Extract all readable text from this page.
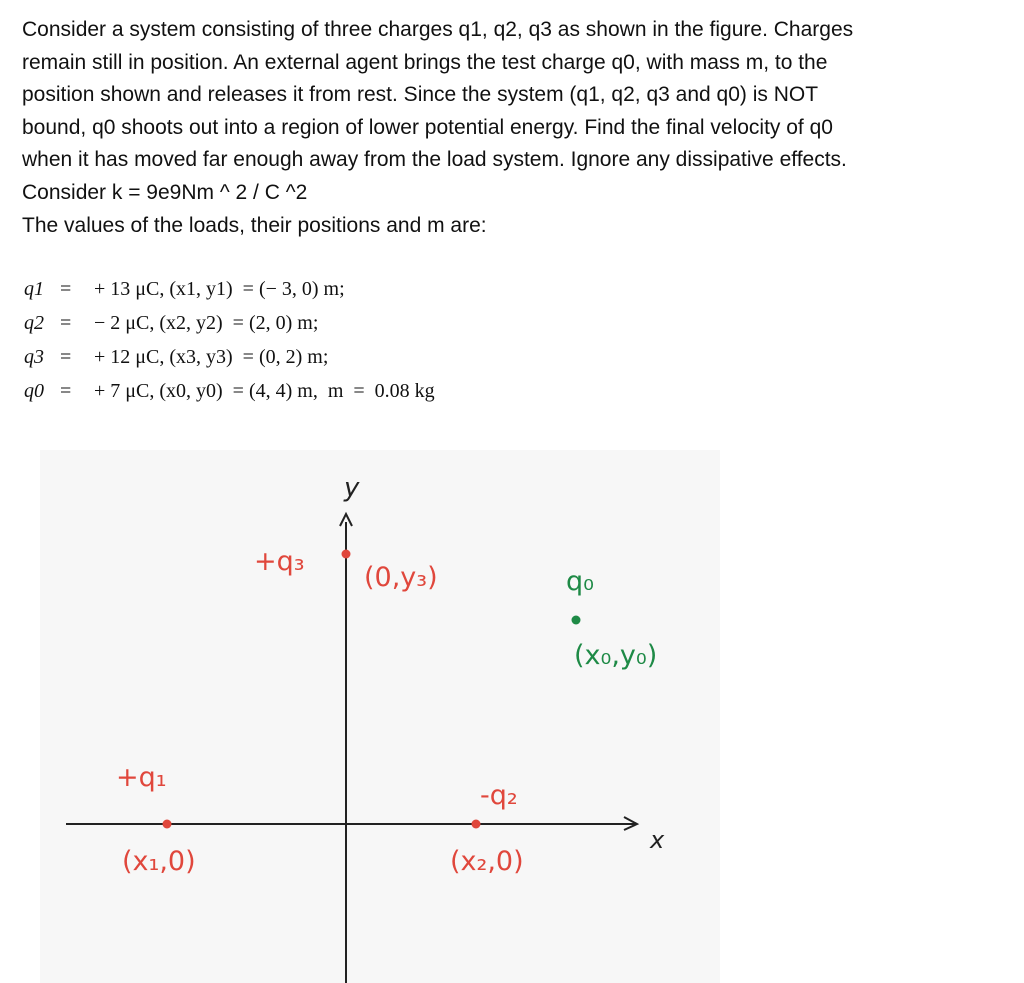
Consider a system consisting of three charges q1, q2, q3 as shown in the figure. Charges

remain still in position. An external agent brings the test charge q0, with mass m, to the

position shown and releases it from rest. Since the system (q1, q2, q3 and q0) is NOT

bound, q0 shoots out into a region of lower potential energy. Find the final velocity of q0

when it has moved far enough away from the load system. Ignore any dissipative effects.

Consider k = 9e9Nm ^ 2 / C ^2

The values of the loads, their positions and m are:

q1 =	+ 13 μC, (x1, y1)  = (− 3, 0) m;
q2 =	− 2 μC, (x2, y2)  = (2, 0) m;
q3 =	+ 12 μC, (x3, y3)  = (0, 2) m;
q0 =	+ 7 μC, (x0, y0)  = (4, 4) m,  m  =  0.08 kg
y
x
+q₃
(0,y₃)	q₀
(x₀,y₀)
+q₁
(x₁,0)
-q₂
(x₂,0)
